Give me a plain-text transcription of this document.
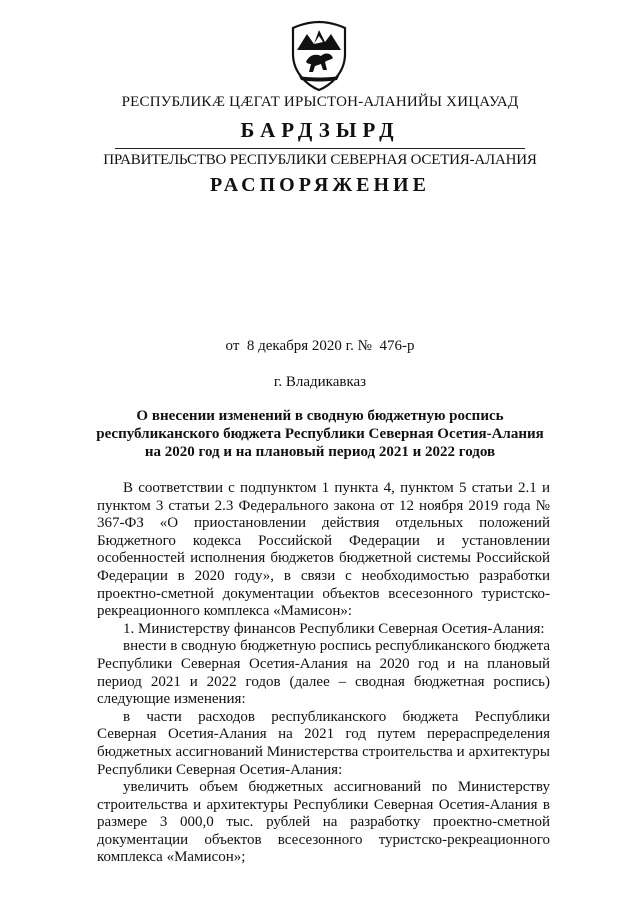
РЕСПУБЛИКÆ ЦÆГАТ ИРЫСТОН-АЛАНИЙЫ ХИЦАУАД
БАРДЗЫРД
ПРАВИТЕЛЬСТВО РЕСПУБЛИКИ СЕВЕРНАЯ ОСЕТИЯ-АЛАНИЯ
РАСПОРЯЖЕНИЕ
от  8 декабря 2020 г. №  476-р
г. Владикавказ
О внесении изменений в сводную бюджетную роспись
республиканского бюджета Республики Северная Осетия-Алания
на 2020 год и на плановый период 2021 и 2022 годов

В соответствии с подпунктом 1 пункта 4, пунктом 5 статьи 2.1 и пунктом 3 статьи 2.3 Федерального закона от 12 ноября 2019 года № 367-ФЗ «О приостановлении действия отдельных положений Бюджетного кодекса Российской Федерации и установлении особенностей исполнения бюджетов бюджетной системы Российской Федерации в 2020 году», в связи с необходимостью разработки проектно-сметной документации объектов всесезонного туристско-рекреационного комплекса «Мамисон»:

1. Министерству финансов Республики Северная Осетия-Алания:

внести в сводную бюджетную роспись республиканского бюджета Республики Северная Осетия-Алания на 2020 год и на плановый период 2021 и 2022 годов (далее – сводная бюджетная роспись) следующие изменения:

в части расходов республиканского бюджета Республики Северная Осетия-Алания на 2021 год путем перераспределения бюджетных ассигнований Министерства строительства и архитектуры Республики Северная Осетия-Алания:

увеличить объем бюджетных ассигнований по Министерству строительства и архитектуры Республики Северная Осетия-Алания в размере 3 000,0 тыс. рублей на разработку проектно-сметной документации объектов всесезонного туристско-рекреационного комплекса «Мамисон»;
